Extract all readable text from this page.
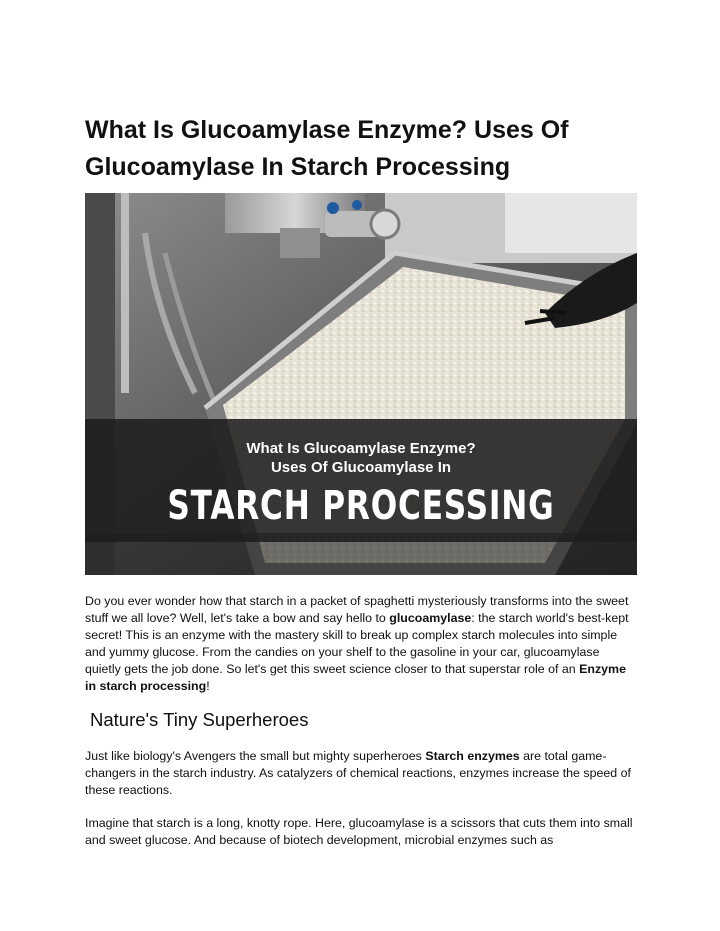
What Is Glucoamylase Enzyme? Uses Of Glucoamylase In Starch Processing
What Is Glucoamylase Enzyme?
Uses Of Glucoamylase In
STARCH PROCESSING

Do you ever wonder how that starch in a packet of spaghetti mysteriously transforms into the sweet stuff we all love? Well, let's take a bow and say hello to glucoamylase: the starch world's best-kept secret! This is an enzyme with the mastery skill to break up complex starch molecules into simple and yummy glucose. From the candies on your shelf to the gasoline in your car, glucoamylase quietly gets the job done. So let's get this sweet science closer to that superstar role of an Enzyme in starch processing!

Nature's Tiny Superheroes

Just like biology's Avengers the small but mighty superheroes Starch enzymes are total game-changers in the starch industry. As catalyzers of chemical reactions, enzymes increase the speed of these reactions.

Imagine that starch is a long, knotty rope. Here, glucoamylase is a scissors that cuts them into small and sweet glucose. And because of biotech development, microbial enzymes such as
